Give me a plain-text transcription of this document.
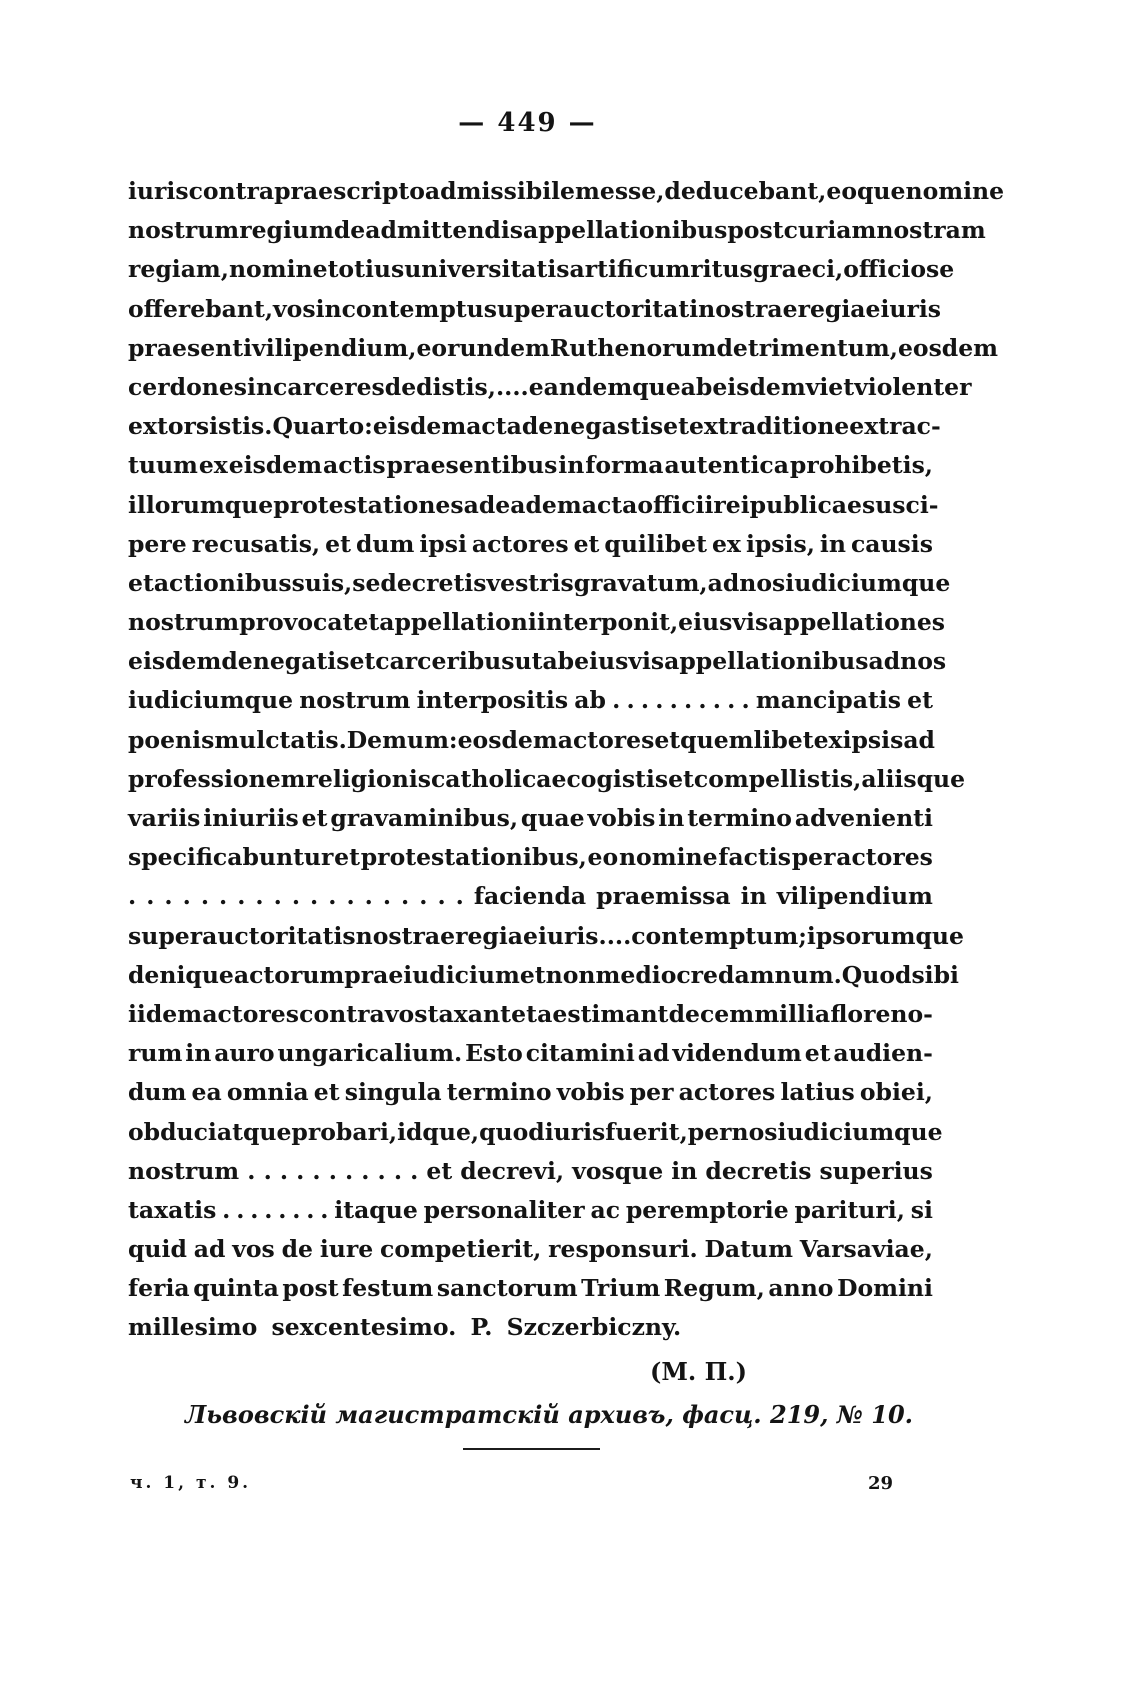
— 449 —
iuris contra praescripto admissibilem esse, deducebant, eoque nomine
nostrum regium de admittendis appellationibus post curiam nostram
regiam, nomine totius universitatis artificum ritus graeci, officiose
offerebant, vos in contemptu super auctoritati nostrae regiae iuris
praesenti vilipendium, eorundem Ruthenorum detrimentum, eosdem
cerdones in carceres dedistis, .... eandemque ab eisdem vi et violenter
extorsistis. Quarto: eisdem acta denegastis et extraditione extrac-
tuum ex eisdem actis praesentibus in forma autentica prohibetis,
illorumque protestationes ad eadem acta officii rei publicae susci-
pere recusatis, et dum ipsi actores et quilibet ex ipsis, in causis
et actionibus suis, se decretis vestris gravatum, ad nos iudiciumque
nostrum provocat et appellationi interponit, eiusvis appellationes
eisdem denegatis et carceribus ut ab eiusvis appellationibus ad nos
iudiciumque nostrum interpositis ab . . . . . . . . . . mancipatis et
poenis mulctatis. Demum: eosdem actores et quemlibet ex ipsis ad
professionem religionis catholicae cogistis et compellistis, aliisque
variis iniuriis et gravaminibus, quae vobis in termino advenienti
specificabuntur et protestationibus, eo nomine factis per actores
. . . . . . . . . . . . . . . . . . . facienda praemissa in vilipendium
super auctoritatis nostrae regiae iuris . . . . contemptum; ipsorumque
denique actorum praeiudicium et non mediocre damnum. Quod sibi
iidem actores contra vos taxant et aestimant decem millia floreno-
rum in auro ungaricalium. Esto citamini ad videndum et audien-
dum ea omnia et singula termino vobis per actores latius obiei,
obduci atque probari, idque, quod iuris fuerit, per nos iudiciumque
nostrum . . . . . . . . . . . et decrevi, vosque in decretis superius
taxatis . . . . . . . . itaque personaliter ac peremptorie parituri, si
quid ad vos de iure competierit, responsuri. Datum Varsaviae,
feria quinta post festum sanctorum Trium Regum, anno Domini
millesimo sexcentesimo. P. Szczerbiczny.
(M. П.)
Львовскій магистратскій архивъ, фасц. 219, № 10.
ч. 1, т. 9.	29
